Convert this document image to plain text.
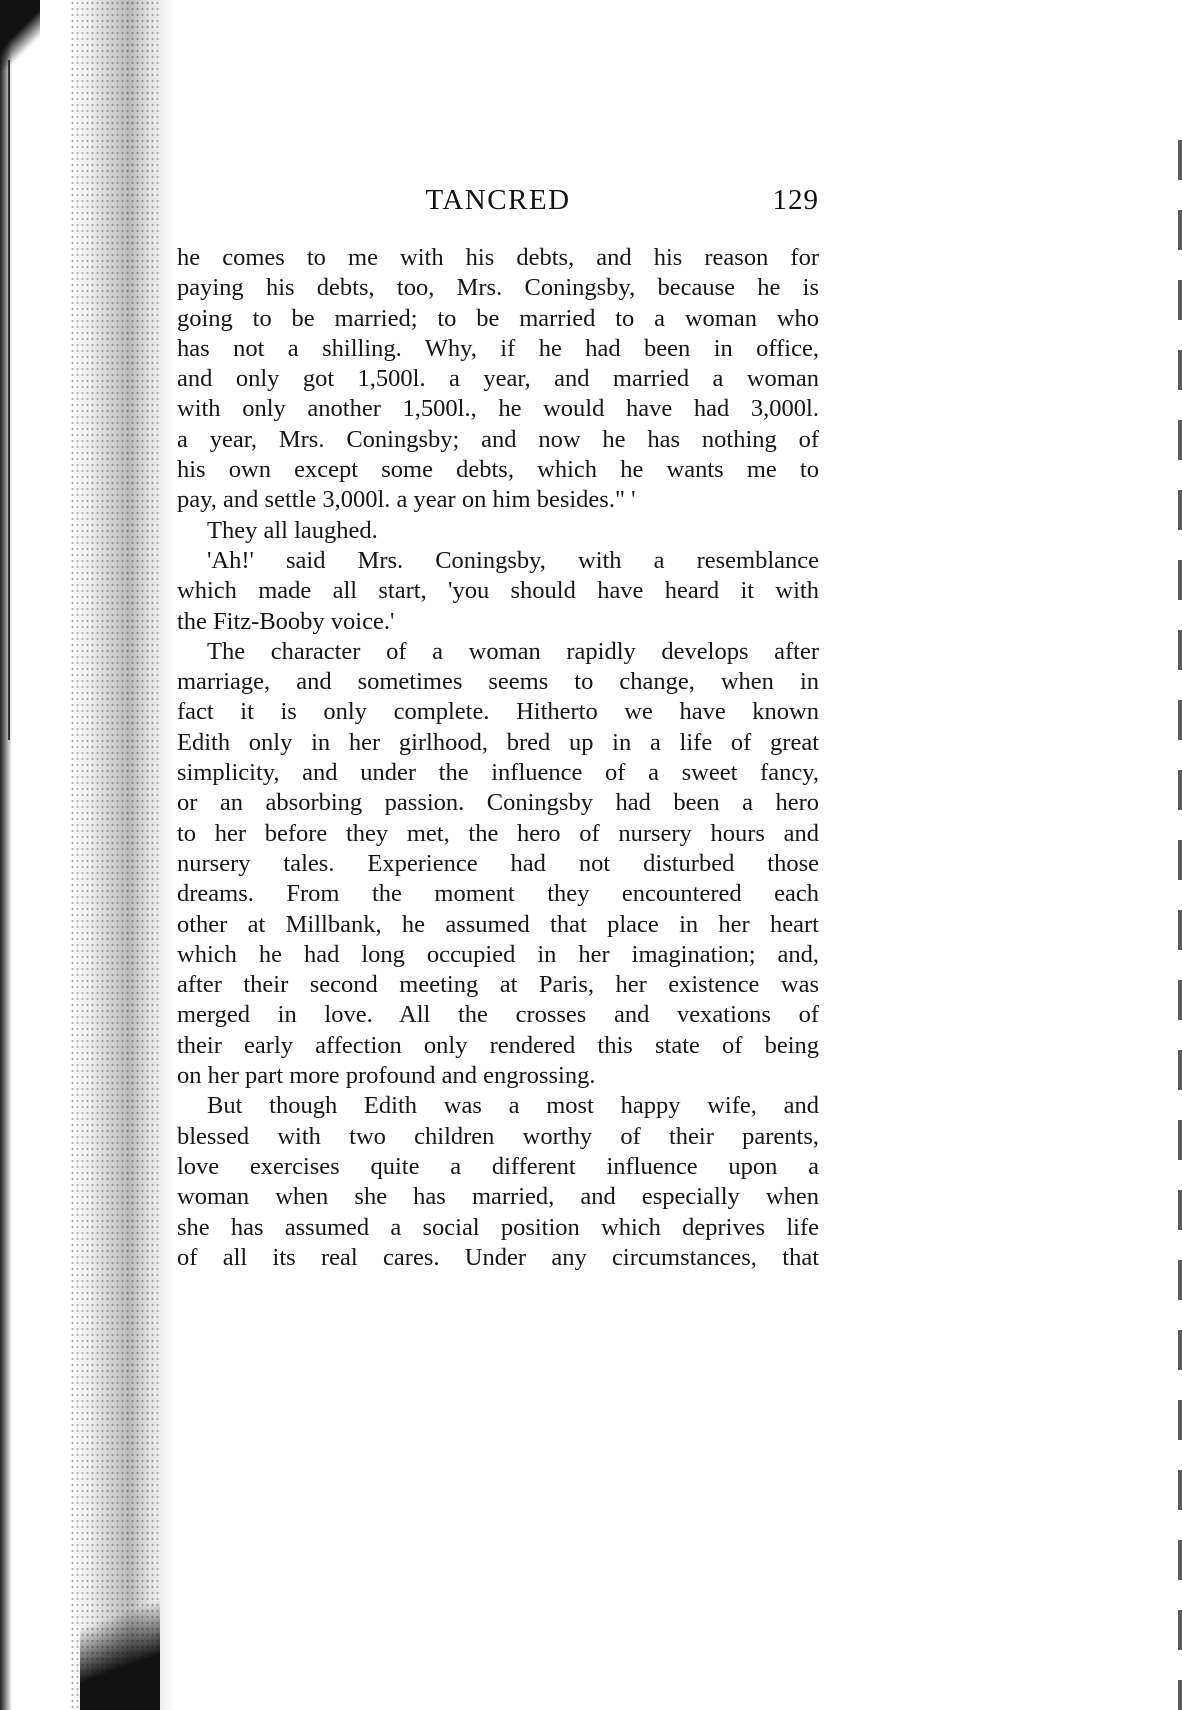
TANCRED	129
he comes to me with his debts, and his reason for
paying his debts, too, Mrs. Coningsby, because he is
going to be married; to be married to a woman who
has not a shilling. Why, if he had been in office,
and only got 1,500l. a year, and married a woman
with only another 1,500l., he would have had 3,000l.
a year, Mrs. Coningsby; and now he has nothing of
his own except some debts, which he wants me to
pay, and settle 3,000l. a year on him besides." '
They all laughed.
'Ah!' said Mrs. Coningsby, with a resemblance
which made all start, 'you should have heard it with
the Fitz-Booby voice.'
The character of a woman rapidly develops after
marriage, and sometimes seems to change, when in
fact it is only complete. Hitherto we have known
Edith only in her girlhood, bred up in a life of great
simplicity, and under the influence of a sweet fancy,
or an absorbing passion. Coningsby had been a hero
to her before they met, the hero of nursery hours and
nursery tales. Experience had not disturbed those
dreams. From the moment they encountered each
other at Millbank, he assumed that place in her heart
which he had long occupied in her imagination; and,
after their second meeting at Paris, her existence was
merged in love. All the crosses and vexations of
their early affection only rendered this state of being
on her part more profound and engrossing.
But though Edith was a most happy wife, and
blessed with two children worthy of their parents,
love exercises quite a different influence upon a
woman when she has married, and especially when
she has assumed a social position which deprives life
of all its real cares. Under any circumstances, that
